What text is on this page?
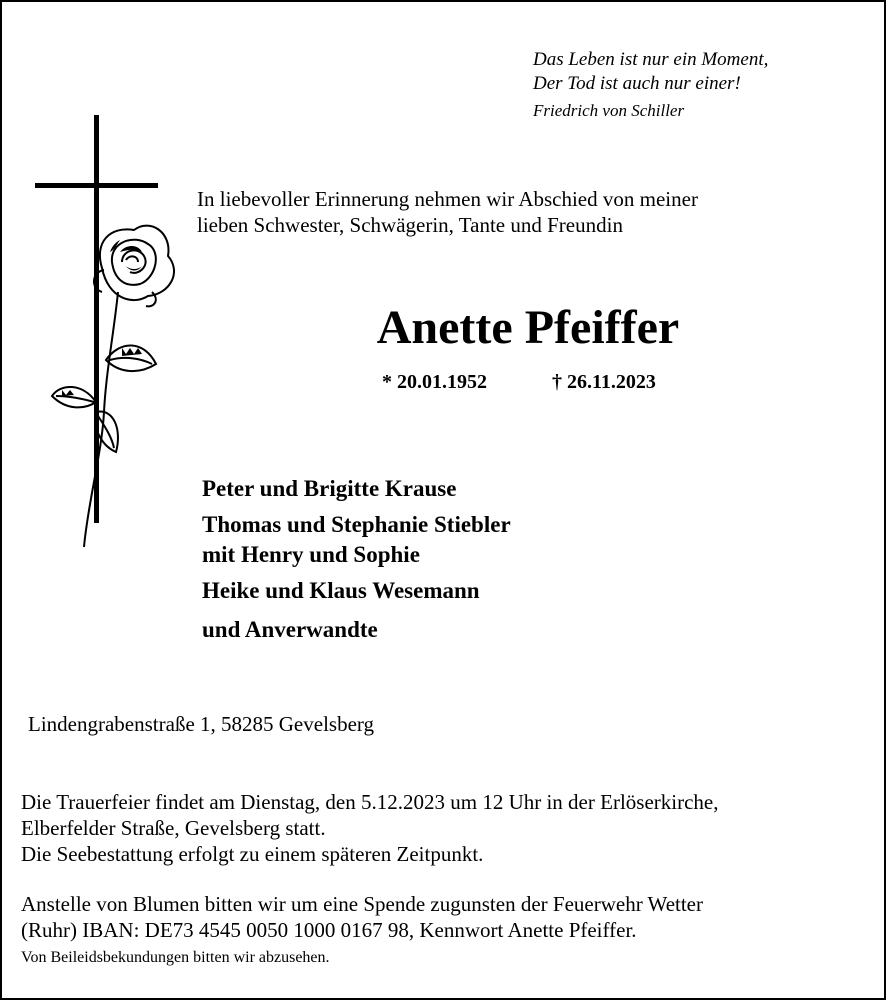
Das Leben ist nur ein Moment,
Der Tod ist auch nur einer!
Friedrich von Schiller
In liebevoller Erinnerung nehmen wir Abschied von meiner
lieben Schwester, Schwägerin, Tante und Freundin
Anette Pfeiffer
* 20.01.1952	† 26.11.2023
Peter und Brigitte Krause
Thomas und Stephanie Stiebler
mit Henry und Sophie
Heike und Klaus Wesemann
und Anverwandte
Lindengrabenstraße 1, 58285 Gevelsberg
Die Trauerfeier findet am Dienstag, den 5.12.2023 um 12 Uhr in der Erlöserkirche,
Elberfelder Straße, Gevelsberg statt.
Die Seebestattung erfolgt zu einem späteren Zeitpunkt.
Anstelle von Blumen bitten wir um eine Spende zugunsten der Feuerwehr Wetter
(Ruhr) IBAN: DE73 4545 0050 1000 0167 98, Kennwort Anette Pfeiffer.
Von Beileidsbekundungen bitten wir abzusehen.
